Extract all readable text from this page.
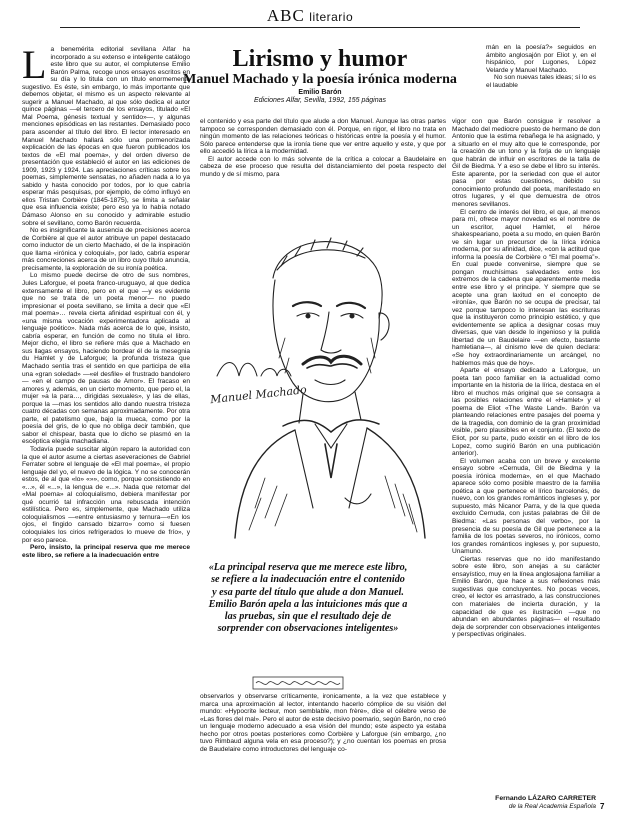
ABC literario
Lirismo y humor
Manuel Machado y la poesía irónica moderna
Emilio Barón
Ediciones Alfar, Sevilla, 1992, 155 páginas
L a benemérita editorial sevillana Alfar ha incorporado a su extenso e inteligente catálogo este libro que su autor, el complutense Emilio Barón Palma, recoge unos ensayos escritos en su día y lo titula con un título enormemente sugestivo. Es éste, sin embargo, lo más importante que debemos objetar, el mismo es un aspecto relevante al sugerir a Manuel Machado, al que sólo dedica el autor quince páginas —el tercero de los ensayos, titulado «El Mal Poema, génesis textual y sentido»—, y algunas menciones episódicas en las restantes. Demasiado poco para ascender al título del libro. El lector interesado en Manuel Machado hallará sólo una pormenorizada explicación de las épocas en que fueron publicados los textos de «El mal poema», y del orden diverso de presentación que estableció el autor en las ediciones de 1909, 1923 y 1924. Las apreciaciones críticas sobre los poemas, simplemente sensatas, no añaden nada a lo ya sabido y hasta conocido por todos, por lo que cabría esperar más pesquisas, por ejemplo, de cómo influyó en ellos Tristan Corbière (1845-1875), se limita a señalar que esa influencia existe; pero eso ya lo había notado Dámaso Alonso en su conocido y admirable estudio sobre el sevillano, como Barón recuerda.

No es insignificante la ausencia de precisiones acerca de Corbière al que el autor atribuye un papel destacado como inductor de un cierto Machado, el de la inspiración que llama «irónica y coloquial», por lado, cabría esperar más concreciones acerca de un libro cuyo título anuncia, precisamente, la exploración de su ironía poética.

Lo mismo puede decirse de otro de sus nombres, Jules Laforgue, el poeta franco-uruguayo, al que dedica extensamente el libro, pero en el que —y es evidente que no se trata de un poeta menor— no puedo impresionar el poeta sevillano, se limita a decir que «El mal poema»… revela cierta afinidad espiritual con él, y «una misma vocación experimentadora aplicada al lenguaje poético». Nada más acerca de lo que, insisto, cabría esperar, en función de como no titula el libro. Mejor dicho, el libro se refiere más que a Machado en sus llagas ensayos, haciendo bordear él de la mesegnia du Hamlet y de Laforgue; la profunda tristeza que Machado sentía tras el sentido en que participa de ella una «gran soledad» —«el desfile» el frustrado bandolero— «en el campo de pausas de Amor». El fracaso en amores y, además, en un cierto momento, que pero el, la mujer »a la para…, dirigidas sexuales», y las de ellas, porque la —mas los sentidos allo dando nuestra tristeza cuatro décadas con semanas aproximadamente. Por otra parte, el patetismo que, bajo la mueca, como por la poesía del gris, de lo que no obliga decir también, que sabor el chispear, basta que lo dicho se plasmó en la escéptica elegía machadiana.

Todavía puede suscitar algún reparo la autoridad con la que el autor asume a ciertas aseveraciones de Gabriel Ferrater sobre el lenguaje de «El mal poema», el propio lenguaje del yo, el nuevo de la lógica. Y no se conocerán estos, de al que «lo» «»», como, porque consistiendo en «...», él «...», la lengua de «...». Nada que retomar del «Mal poema» al coloquialismo, debiera manifestar por qué ocurrió tal infracción una rebuscada intención estilística. Pero es, simplemente, que Machado utiliza coloquialismos —«entre entusiasmo y ternura—«En los ojos, el fingido cansado bizarro» como si fuesen coloquiales los cirios refrigerados lo mueve de frío», y por eso parece.

Pero, insisto, la principal reserva que me merece este libro, se refiere a la inadecuación entre

el contenido y esa parte del título que alude a don Manuel. Aunque las otras partes tampoco se corresponden demasiado con él. Porque, en rigor, el libro no trata en ningún momento de las relaciones teóricas o históricas entre la poesía y el humor. Sólo parece entenderse que la ironía tiene que ver entre aquello y este, y que por ello accedió la lírica a la modernidad.

El autor accede con lo más solvente de la crítica a colocar a Baudelaire en cabeza de ese proceso que resulta del distanciamiento del poeta respecto del mundo y de sí mismo, para

Manuel Machado
«La principal reserva que me merece este libro, se refiere a la inadecuación entre el contenido y esa parte del título que alude a don Manuel. Emilio Barón apela a las intuiciones más que a las pruebas, sin que el resultado deje de sorprender con observaciones inteligentes»

observarlos y observarse críticamente, ironicamente, a la vez que establece y marca una aproximación al lector, intentando hacerlo cómplice de su visión del mundo: «Hypocrite lecteur, mon semblable, mon frère», dice el célebre verso de «Las flores del mal». Pero el autor de este decisivo poemario, según Barón, no creó un lenguaje moderno adecuado a esa visión del mundo; este aspecto ya estaba hecho por otros poetas posteriores como Corbière y Laforgue (sin embargo, ¿no tuvo Rimbaud alguna vela en esa proceso?); y ¿no cuentan los poemas en prosa de Baudelaire como introductores del lenguaje co-

mán en la poesía?» seguidos en ámbito anglosajón por Eliot y, en el hispánico, por Lugones, López Velarde y Manuel Machado.

No son nuevas tales ideas; sí lo es el laudable

vigor con que Barón consigue ir resolver a Machado del mediocre puesto de hermano de don Antonio que la estima rebañega le ha asignado, y a situarlo en el muy alto que le corresponde, por la creación de un tono y la forja de un lenguaje que habrán de influir en escritores de la talla de Gil de Biedma. Y a eso se debe el libro su interés. Este aparente, por la seriedad con que el autor pasa por estas cuestiones, debido su conocimiento profundo del poeta, manifestado en otros lugares, y el que demuestra de otros menores sevillanos.

El centro de interés del libro, el que, al menos para mí, ofrece mayor novedad es el nombre de un escritor, aquel Hamlet, el héroe shakespeariano, poeta a su modo, en quien Barón ve sin lugar un precursor de la lírica irónica moderna, por su afinidad, dice, «con la actitud que informa la poesía de Corbière o “El mal poema”». En cual puede convenirse, siempre que se pongan muchísimas salvedades entre los extremos de la cadena que aparentemente media entre ese libro y el principe. Y siempre que se acepte una gran laxitud en el concepto de «ironía», que Barón no se ocupa de precisar, tal vez porque tampoco lo interesan las escrituras que la instituyeron como principio estético, y que evidentemente se aplica a designar cosas muy diversas, que van desde lo ingenioso y la pulida libertad de un Baudelaire —en efecto, bastante hamletiana—, al cinismo leve de quien declara: «Se hoy extraordinariamente un arcángel, no hablemos más que de hoy».

Aparte el ensayo dedicado a Laforgue, un poeta tan poco familiar en la actualidad como importante en la historia de la lírica, destaca en el libro el muchos más original que se consagra a las posibles relaciones entre el «Hamlet» y el poema de Eliot «The Waste Land». Barón va planteando relaciones entre pasajes del poema y de la tragedia, con dominio de la gran proximidad visible, pero plausibles en el conjunto. (El texto de Eliot, por su parte, pudo existir en el libro de los Lopez, como sugirió Barón en una publicación anterior).

El volumen acaba con un breve y excelente ensayo sobre «Cernuda, Gil de Biedma y la poesía irónica moderna», en el que Machado aparece sólo como posible maestro de la familia poética a que pertenece el lírico barcelonés, de nuevo, con los grandes románticos ingleses y, por supuesto, más Nicanor Parra, y de la que queda excluido Cernuda, con justas palabras de Gil de Biedma: «Las personas del verbo», por la presencia de su poesía de Gil que pertenece a la familia de los poetas severos, no irónicos, como los grandes románticos ingleses y, por supuesto, Unamuno.

Ciertas reservas que no ido manifestando sobre este libro, son anejas a su carácter ensayístico, muy en la línea anglosajona familiar a Emilio Barón, que hace a sus reflexiones más sugestivas que concluyentes. No pocas veces, creo, el lector es arrastrado, a las construcciones con materiales de incierta duración, y la capacidad de que es ilustración —que no abundan en abundantes páginas— el resultado deja de sorprender con observaciones inteligentes y perspectivas originales.

Fernando LÁZARO CARRETER
de la Real Academia Española 7
